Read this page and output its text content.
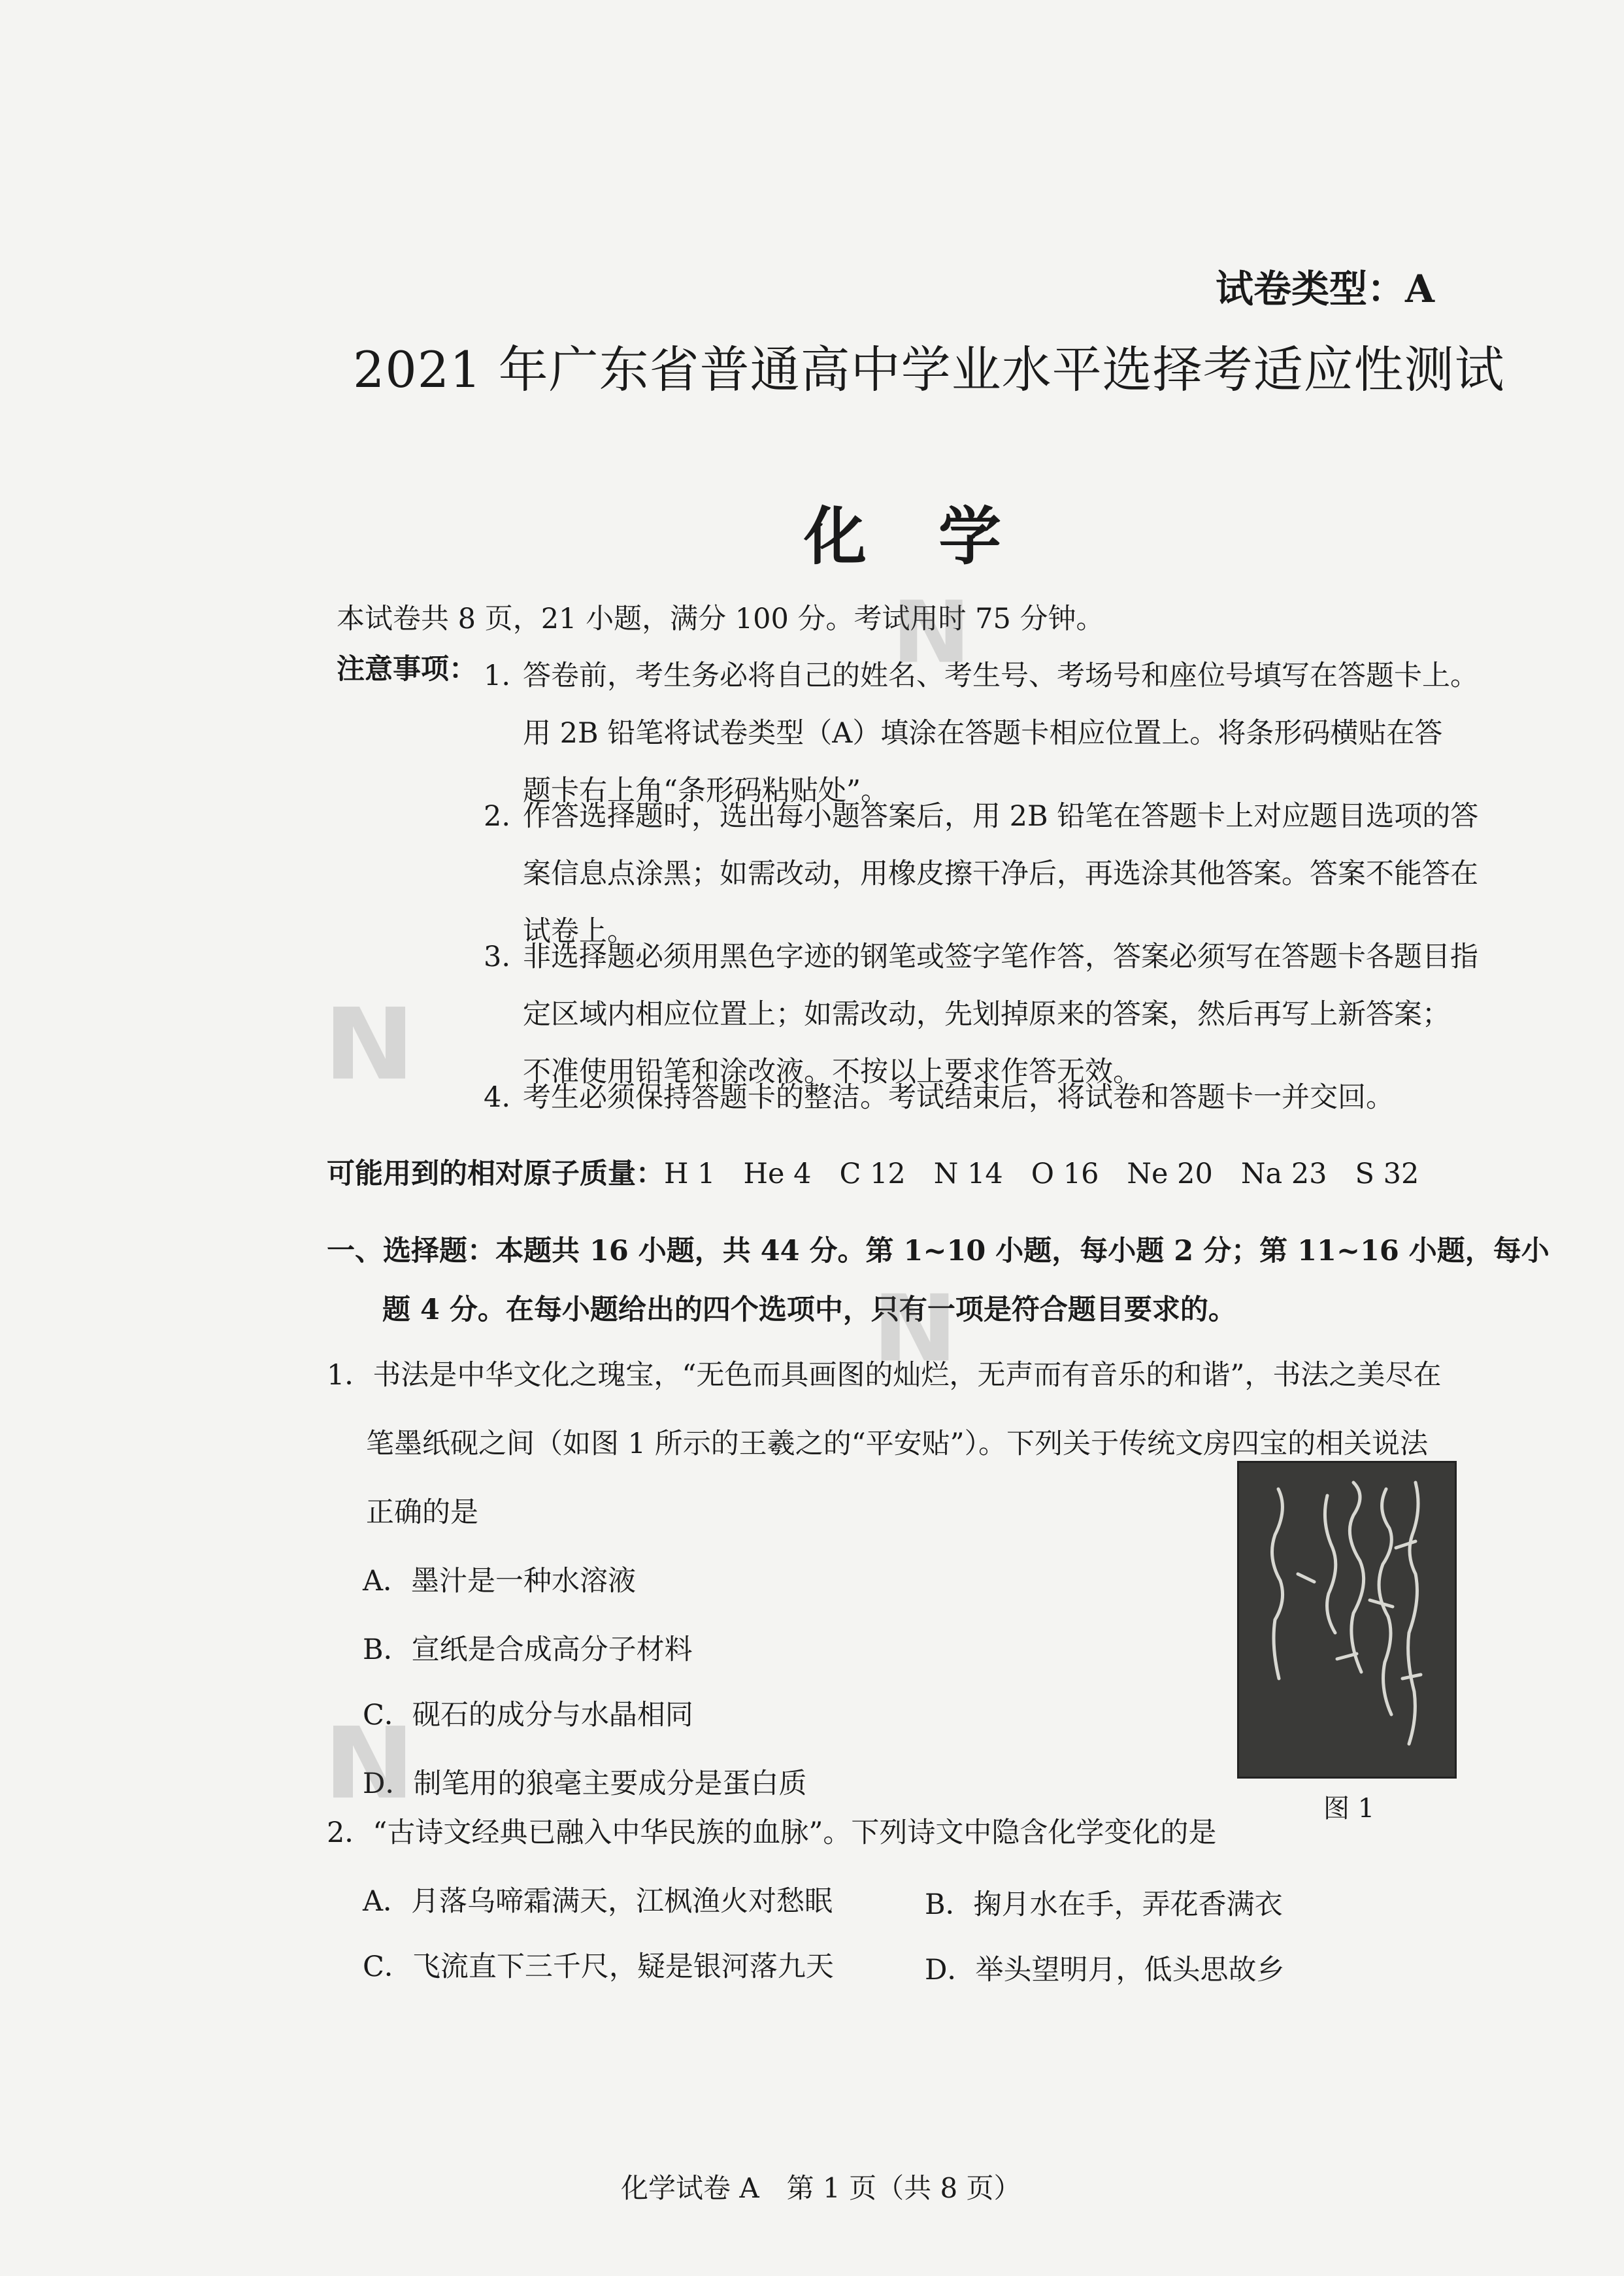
试卷类型：A
2021 年广东省普通高中学业水平选择考适应性测试
化学
本试卷共 8 页，21 小题，满分 100 分。考试用时 75 分钟。
注意事项： 1. 答卷前，考生务必将自己的姓名、考生号、考场号和座位号填写在答题卡上。
用 2B 铅笔将试卷类型（A）填涂在答题卡相应位置上。将条形码横贴在答
题卡右上角“条形码粘贴处”。
2. 作答选择题时，选出每小题答案后，用 2B 铅笔在答题卡上对应题目选项的答
案信息点涂黑；如需改动，用橡皮擦干净后，再选涂其他答案。答案不能答在
试卷上。
3. 非选择题必须用黑色字迹的钢笔或签字笔作答，答案必须写在答题卡各题目指
定区域内相应位置上；如需改动，先划掉原来的答案，然后再写上新答案；
不准使用铅笔和涂改液。不按以上要求作答无效。
4. 考生必须保持答题卡的整洁。考试结束后，将试卷和答题卡一并交回。
可能用到的相对原子质量：H 1　He 4　C 12　N 14　O 16　Ne 20　Na 23　S 32
一、选择题：本题共 16 小题，共 44 分。第 1~10 小题，每小题 2 分；第 11~16 小题，每小
题 4 分。在每小题给出的四个选项中，只有一项是符合题目要求的。
1．书法是中华文化之瑰宝，“无色而具画图的灿烂，无声而有音乐的和谐”，书法之美尽在
笔墨纸砚之间（如图 1 所示的王羲之的“平安贴”）。下列关于传统文房四宝的相关说法
正确的是
A．墨汁是一种水溶液
B．宣纸是合成高分子材料
C．砚石的成分与水晶相同
D．制笔用的狼毫主要成分是蛋白质
图 1
2．“古诗文经典已融入中华民族的血脉”。下列诗文中隐含化学变化的是
A．月落乌啼霜满天，江枫渔火对愁眠	B．掬月水在手，弄花香满衣
C．飞流直下三千尺，疑是银河落九天	D．举头望明月，低头思故乡
化学试卷 A　第 1 页（共 8 页）
